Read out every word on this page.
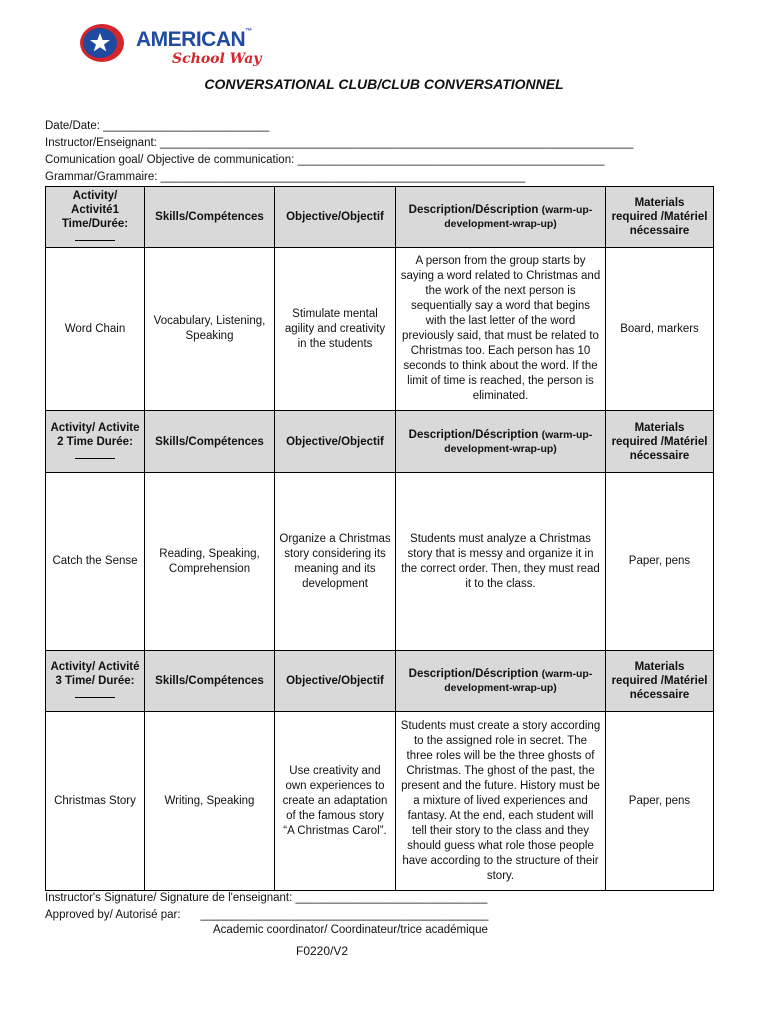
AMERICAN™
School Way
CONVERSATIONAL CLUB/CLUB CONVERSATIONNEL
Date/Date: __________________________
Instructor/Enseignant: __________________________________________________________________________
Comunication goal/ Objective de communication: ________________________________________________
Grammar/Grammaire: _________________________________________________________
Activity/ Activité1 Time/Durée:	Skills/Compétences	Objective/Objectif	Description/Déscription (warm-up-development-wrap-up)	Materials required /Matériel nécessaire
Word Chain	Vocabulary, Listening, Speaking	Stimulate mental agility and creativity in the students	A person from the group starts by saying a word related to Christmas and the work of the next person is sequentially say a word that begins with the last letter of the word previously said, that must be related to Christmas too. Each person has 10 seconds to think about the word. If the limit of time is reached, the person is eliminated.	Board, markers
Activity/ Activite 2 Time Durée:	Skills/Compétences	Objective/Objectif	Description/Déscription (warm-up-development-wrap-up)	Materials required /Matériel nécessaire
Catch the Sense	Reading, Speaking, Comprehension	Organize a Christmas story considering its meaning and its development	Students must analyze a Christmas story that is messy and organize it in the correct order. Then, they must read it to the class.	Paper, pens
Activity/ Activité 3 Time/ Durée:	Skills/Compétences	Objective/Objectif	Description/Déscription (warm-up-development-wrap-up)	Materials required /Matériel nécessaire
Christmas Story	Writing, Speaking	Use creativity and own experiences to create an adaptation of the famous story “A Christmas Carol”.	Students must create a story according to the assigned role in secret. The three roles will be the three ghosts of Christmas. The ghost of the past, the present and the future. History must be a mixture of lived experiences and fantasy. At the end, each student will tell their story to the class and they should guess what role those people have according to the structure of their story.	Paper, pens
Instructor's Signature/ Signature de l'enseignant: ______________________________
Approved by/ Autorisé par: _____________________________________________
Academic coordinator/ Coordinateur/trice académique
F0220/V2
